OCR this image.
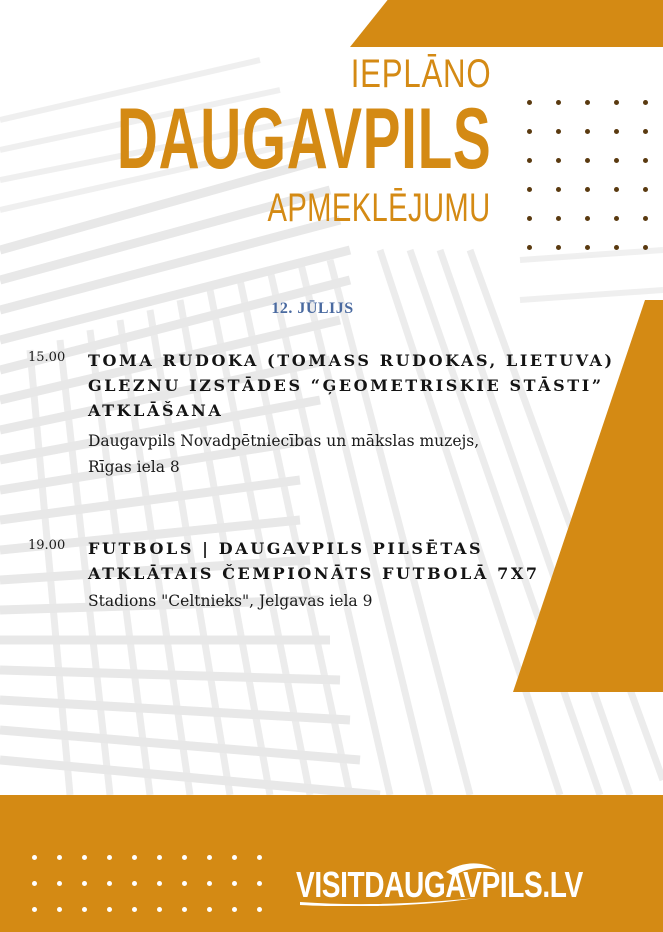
IEPLĀNO
DAUGAVPILS
APMEKLĒJUMU
12. JŪLIJS
15.00 TOMA RUDOKA (TOMASS RUDOKAS, LIETUVA)
GLEZNU IZSTĀDES “ĢEOMETRISKIE STĀSTI”
ATKLĀŠANA
Daugavpils Novadpētniecības un mākslas muzejs,
Rīgas iela 8
19.00 FUTBOLS | DAUGAVPILS PILSĒTAS
ATKLĀTAIS ČEMPIONĀTS FUTBOLĀ 7X7
Stadions "Celtnieks", Jelgavas iela 9
VISITDAUGAVPILS.LV
